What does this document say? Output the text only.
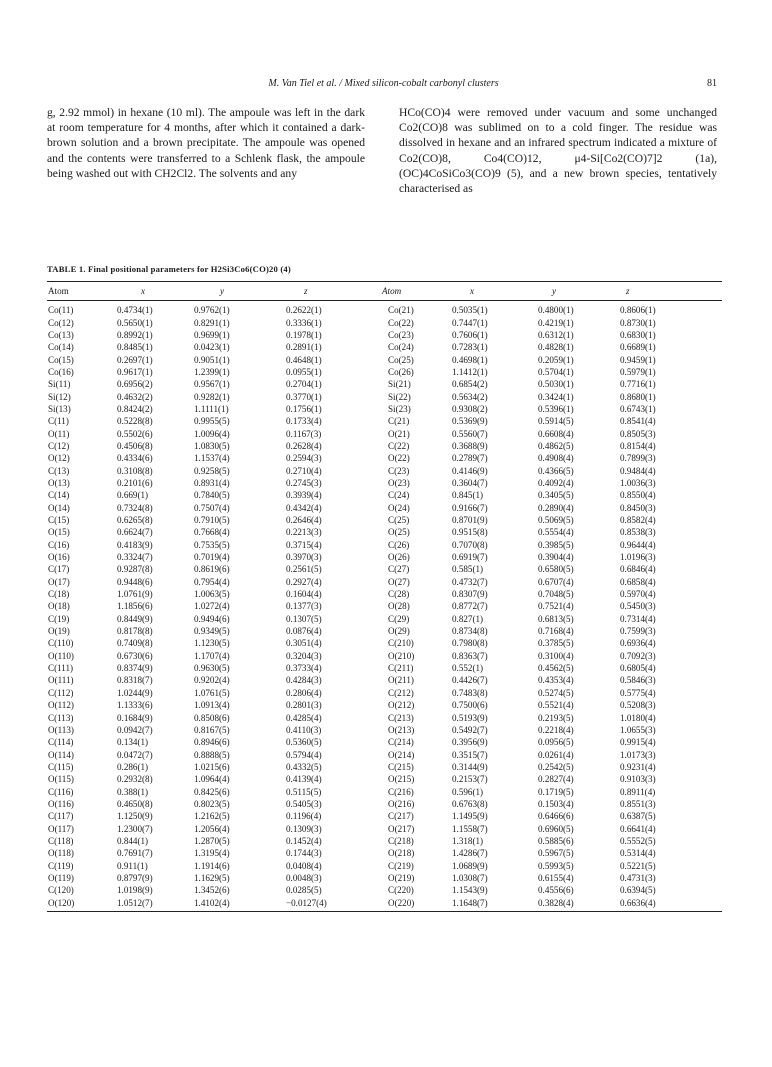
M. Van Tiel et al. / Mixed silicon-cobalt carbonyl clusters	81

g, 2.92 mmol) in hexane (10 ml). The ampoule was left in the dark at room temperature for 4 months, after which it contained a dark-brown solution and a brown precipitate. The ampoule was opened and the contents were transferred to a Schlenk flask, the ampoule being washed out with CH2Cl2. The solvents and any

HCo(CO)4 were removed under vacuum and some unchanged Co2(CO)8 was sublimed on to a cold finger. The residue was dissolved in hexane and an infrared spectrum indicated a mixture of Co2(CO)8, Co4(CO)12, μ4-Si[Co2(CO)7]2 (1a), (OC)4CoSiCo3(CO)9 (5), and a new brown species, tentatively characterised as

TABLE 1. Final positional parameters for H2Si3Co6(CO)20 (4)
Atom	x	y	z	Atom	x	y	z
Co(11)	0.4734(1)	0.9762(1)	0.2622(1)	Co(21)	0.5035(1)	0.4800(1)	0.8606(1)
Co(12)	0.5650(1)	0.8291(1)	0.3336(1)	Co(22)	0.7447(1)	0.4219(1)	0.8730(1)
Co(13)	0.8992(1)	0.9699(1)	0.1978(1)	Co(23)	0.7606(1)	0.6312(1)	0.6830(1)
Co(14)	0.8485(1)	0.0423(1)	0.2891(1)	Co(24)	0.7283(1)	0.4828(1)	0.6689(1)
Co(15)	0.2697(1)	0.9051(1)	0.4648(1)	Co(25)	0.4698(1)	0.2059(1)	0.9459(1)
Co(16)	0.9617(1)	1.2399(1)	0.0955(1)	Co(26)	1.1412(1)	0.5704(1)	0.5979(1)
Si(11)	0.6956(2)	0.9567(1)	0.2704(1)	Si(21)	0.6854(2)	0.5030(1)	0.7716(1)
Si(12)	0.4632(2)	0.9282(1)	0.3770(1)	Si(22)	0.5634(2)	0.3424(1)	0.8680(1)
Si(13)	0.8424(2)	1.1111(1)	0.1756(1)	Si(23)	0.9308(2)	0.5396(1)	0.6743(1)
C(11)	0.5228(8)	0.9955(5)	0.1733(4)	C(21)	0.5369(9)	0.5914(5)	0.8541(4)
O(11)	0.5502(6)	1.0096(4)	0.1167(3)	O(21)	0.5560(7)	0.6608(4)	0.8505(3)
C(12)	0.4506(8)	1.0830(5)	0.2628(4)	C(22)	0.3688(9)	0.4862(5)	0.8154(4)
O(12)	0.4334(6)	1.1537(4)	0.2594(3)	O(22)	0.2789(7)	0.4908(4)	0.7899(3)
C(13)	0.3108(8)	0.9258(5)	0.2710(4)	C(23)	0.4146(9)	0.4366(5)	0.9484(4)
O(13)	0.2101(6)	0.8931(4)	0.2745(3)	O(23)	0.3604(7)	0.4092(4)	1.0036(3)
C(14)	0.669(1)	0.7840(5)	0.3939(4)	C(24)	0.845(1)	0.3405(5)	0.8550(4)
O(14)	0.7324(8)	0.7507(4)	0.4342(4)	O(24)	0.9166(7)	0.2890(4)	0.8450(3)
C(15)	0.6265(8)	0.7910(5)	0.2646(4)	C(25)	0.8701(9)	0.5069(5)	0.8582(4)
O(15)	0.6624(7)	0.7668(4)	0.2213(3)	O(25)	0.9515(8)	0.5554(4)	0.8538(3)
C(16)	0.4183(9)	0.7535(5)	0.3715(4)	C(26)	0.7070(8)	0.3985(5)	0.9644(4)
O(16)	0.3324(7)	0.7019(4)	0.3970(3)	O(26)	0.6919(7)	0.3904(4)	1.0196(3)
C(17)	0.9287(8)	0.8619(6)	0.2561(5)	C(27)	0.585(1)	0.6580(5)	0.6846(4)
O(17)	0.9448(6)	0.7954(4)	0.2927(4)	O(27)	0.4732(7)	0.6707(4)	0.6858(4)
C(18)	1.0761(9)	1.0063(5)	0.1604(4)	C(28)	0.8307(9)	0.7048(5)	0.5970(4)
O(18)	1.1856(6)	1.0272(4)	0.1377(3)	O(28)	0.8772(7)	0.7521(4)	0.5450(3)
C(19)	0.8449(9)	0.9494(6)	0.1307(5)	C(29)	0.827(1)	0.6813(5)	0.7314(4)
O(19)	0.8178(8)	0.9349(5)	0.0876(4)	O(29)	0.8734(8)	0.7168(4)	0.7599(3)
C(110)	0.7409(8)	1.1230(5)	0.3051(4)	C(210)	0.7980(8)	0.3785(5)	0.6936(4)
O(110)	0.6730(6)	1.1707(4)	0.3204(3)	O(210)	0.8363(7)	0.3100(4)	0.7092(3)
C(111)	0.8374(9)	0.9630(5)	0.3733(4)	C(211)	0.552(1)	0.4562(5)	0.6805(4)
O(111)	0.8318(7)	0.9202(4)	0.4284(3)	O(211)	0.4426(7)	0.4353(4)	0.5846(3)
C(112)	1.0244(9)	1.0761(5)	0.2806(4)	C(212)	0.7483(8)	0.5274(5)	0.5775(4)
O(112)	1.1333(6)	1.0913(4)	0.2801(3)	O(212)	0.7500(6)	0.5521(4)	0.5208(3)
C(113)	0.1684(9)	0.8508(6)	0.4285(4)	C(213)	0.5193(9)	0.2193(5)	1.0180(4)
O(113)	0.0942(7)	0.8167(5)	0.4110(3)	O(213)	0.5492(7)	0.2218(4)	1.0655(3)
C(114)	0.134(1)	0.8946(6)	0.5360(5)	C(214)	0.3956(9)	0.0956(5)	0.9915(4)
O(114)	0.0472(7)	0.8888(5)	0.5794(4)	O(214)	0.3515(7)	0.0261(4)	1.0173(3)
C(115)	0.286(1)	1.0215(6)	0.4332(5)	C(215)	0.3144(9)	0.2542(5)	0.9231(4)
O(115)	0.2932(8)	1.0964(4)	0.4139(4)	O(215)	0.2153(7)	0.2827(4)	0.9103(3)
C(116)	0.388(1)	0.8425(6)	0.5115(5)	C(216)	0.596(1)	0.1719(5)	0.8911(4)
O(116)	0.4650(8)	0.8023(5)	0.5405(3)	O(216)	0.6763(8)	0.1503(4)	0.8551(3)
C(117)	1.1250(9)	1.2162(5)	0.1196(4)	C(217)	1.1495(9)	0.6466(6)	0.6387(5)
O(117)	1.2300(7)	1.2056(4)	0.1309(3)	O(217)	1.1558(7)	0.6960(5)	0.6641(4)
C(118)	0.844(1)	1.2870(5)	0.1452(4)	C(218)	1.318(1)	0.5885(6)	0.5552(5)
O(118)	0.7691(7)	1.3195(4)	0.1744(3)	O(218)	1.4286(7)	0.5967(5)	0.5314(4)
C(119)	0.911(1)	1.1914(6)	0.0408(4)	C(219)	1.0689(9)	0.5993(5)	0.5221(5)
O(119)	0.8797(9)	1.1629(5)	0.0048(3)	O(219)	1.0308(7)	0.6155(4)	0.4731(3)
C(120)	1.0198(9)	1.3452(6)	0.0285(5)	C(220)	1.1543(9)	0.4556(6)	0.6394(5)
O(120)	1.0512(7)	1.4102(4)	−0.0127(4)	O(220)	1.1648(7)	0.3828(4)	0.6636(4)
